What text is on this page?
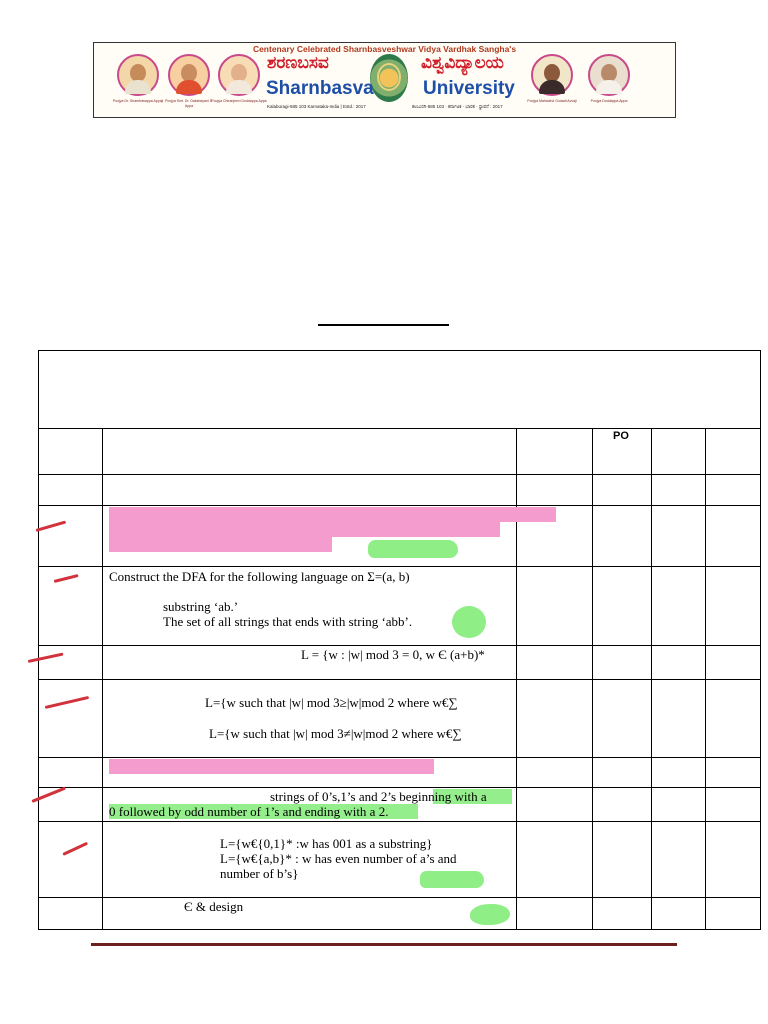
Centenary Celebrated Sharnbasveshwar Vidya Vardhak Sangha's
Poojya Dr. Sharnbasappa Appaji Poojya Smt. Dr. Dakshayani S. Appa
Poojya Chiranjeevi Doddappa Appa
ಶರಣಬಸವ	ವಿಶ್ವವಿದ್ಯಾಲಯ
Sharnbasva	University
Kalaburagi-585 103 Karnataka-India | Estd.: 2017	ಕಲಬುರಗಿ-585 103 · ಕರ್ನಾಟಕ · ಭಾರತ · ಸ್ಥಾಪನೆ : 2017
Poojya Mahadevi Godadi Avvaji	Poojya Doddappa Appa
PO
Construct the DFA for the following language on Σ=(a, b)
substring ‘ab.’
The set of all strings that ends with string ‘abb’.
L = {w : |w| mod 3 = 0, w Є (a+b)*
L={w such that |w| mod 3≥|w|mod 2 where w€∑
L={w such that |w| mod 3≠|w|mod 2 where w€∑
strings of 0’s,1’s and 2’s beginning with a
0 followed by odd number of 1’s and ending with a 2.
L={w€{0,1}* :w has 001 as a substring}
L={w€{a,b}* : w has even number of a’s and
number of b’s}
Є & design
